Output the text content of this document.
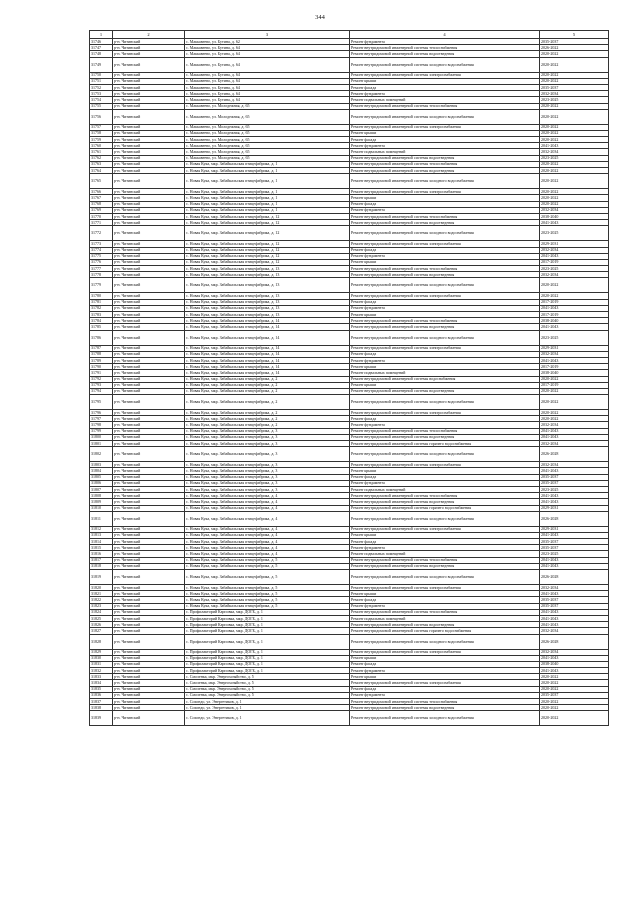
344
1	2	3	4	5
31746	р-н. Читинский	с. Маккавеево, ул. Бутина, д. 62	Ремонт фундамента	2035-2037
31747	р-н. Читинский	с. Маккавеево, ул. Бутина, д. 64	Ремонт внутридомовой инженерной системы теплоснабжения	2026-2022
31748	р-н. Читинский	с. Маккавеево, ул. Бутина, д. 64	Ремонт внутридомовой инженерной системы водоотведения	2020-2022
31749	р-н. Читинский	с. Маккавеево, ул. Бутина, д. 64	Ремонт внутридомовой инженерной системы холодного водоснабжения	2020-2022
31750	р-н. Читинский	с. Маккавеево, ул. Бутина, д. 64	Ремонт внутридомовой инженерной системы электроснабжения	2020-2022
31751	р-н. Читинский	с. Маккавеево, ул. Бутина, д. 64	Ремонт крыши	2020-2022
31752	р-н. Читинский	с. Маккавеево, ул. Бутина, д. 64	Ремонт фасада	2035-2037
31753	р-н. Читинский	с. Маккавеево, ул. Бутина, д. 64	Ремонт фундамента	2032-2034
31754	р-н. Читинский	с. Маккавеево, ул. Бутина, д. 64	Ремонт подвальных помещений	2023-2025
31755	р-н. Читинский	с. Маккавеево, ул. Молодежная, д. 65	Ремонт внутридомовой инженерной системы теплоснабжения	2020-2022
31756	р-н. Читинский	с. Маккавеево, ул. Молодежная, д. 65	Ремонт внутридомовой инженерной системы холодного водоснабжения	2020-2022
31757	р-н. Читинский	с. Маккавеево, ул. Молодежная, д. 65	Ремонт внутридомовой инженерной системы электроснабжения	2020-2022
31758	р-н. Читинский	с. Маккавеево, ул. Молодежная, д. 65	Ремонт крыши	2020-2022
31759	р-н. Читинский	с. Маккавеево, ул. Молодежная, д. 65	Ремонт фасада	2020-2022
31760	р-н. Читинский	с. Маккавеево, ул. Молодежная, д. 65	Ремонт фундамента	2041-2043
31761	р-н. Читинский	с. Маккавеево, ул. Молодежная, д. 65	Ремонт подвальных помещений	2032-2034
31762	р-н. Читинский	с. Маккавеево, ул. Молодежная, д. 65	Ремонт внутридомовой инженерной системы водоотведения	2023-2025
31763	р-н. Читинский	с. Новая Кука, мкр. Забайкальская птицефабрика, д. 1	Ремонт внутридомовой инженерной системы теплоснабжения	2020-2022
31764	р-н. Читинский	с. Новая Кука, мкр. Забайкальская птицефабрика, д. 1	Ремонт внутридомовой инженерной системы водоотведения	2020-2022
31765	р-н. Читинский	с. Новая Кука, мкр. Забайкальская птицефабрика, д. 1	Ремонт внутридомовой инженерной системы холодного водоснабжения	2020-2022
31766	р-н. Читинский	с. Новая Кука, мкр. Забайкальская птицефабрика, д. 1	Ремонт внутридомовой инженерной системы электроснабжения	2020-2022
31767	р-н. Читинский	с. Новая Кука, мкр. Забайкальская птицефабрика, д. 1	Ремонт крыши	2020-2022
31768	р-н. Читинский	с. Новая Кука, мкр. Забайкальская птицефабрика, д. 1	Ремонт фасада	2020-2022
31769	р-н. Читинский	с. Новая Кука, мкр. Забайкальская птицефабрика, д. 1	Ремонт фундамента	2032-2034
31770	р-н. Читинский	с. Новая Кука, мкр. Забайкальская птицефабрика, д. 12	Ремонт внутридомовой инженерной системы теплоснабжения	2038-2040
31771	р-н. Читинский	с. Новая Кука, мкр. Забайкальская птицефабрика, д. 12	Ремонт внутридомовой инженерной системы водоотведения	2041-2043
31772	р-н. Читинский	с. Новая Кука, мкр. Забайкальская птицефабрика, д. 12	Ремонт внутридомовой инженерной системы холодного водоснабжения	2023-2025
31773	р-н. Читинский	с. Новая Кука, мкр. Забайкальская птицефабрика, д. 12	Ремонт внутридомовой инженерной системы электроснабжения	2029-2031
31774	р-н. Читинский	с. Новая Кука, мкр. Забайкальская птицефабрика, д. 12	Ремонт фасада	2032-2034
31775	р-н. Читинский	с. Новая Кука, мкр. Забайкальская птицефабрика, д. 12	Ремонт фундамента	2041-2043
31776	р-н. Читинский	с. Новая Кука, мкр. Забайкальская птицефабрика, д. 12	Ремонт крыши	2017-2019
31777	р-н. Читинский	с. Новая Кука, мкр. Забайкальская птицефабрика, д. 13	Ремонт внутридомовой инженерной системы теплоснабжения	2023-2025
31778	р-н. Читинский	с. Новая Кука, мкр. Забайкальская птицефабрика, д. 13	Ремонт внутридомовой инженерной системы водоотведения	2032-2034
31779	р-н. Читинский	с. Новая Кука, мкр. Забайкальская птицефабрика, д. 13	Ремонт внутридомовой инженерной системы холодного водоснабжения	2020-2022
31780	р-н. Читинский	с. Новая Кука, мкр. Забайкальская птицефабрика, д. 13	Ремонт внутридомовой инженерной системы электроснабжения	2020-2022
31781	р-н. Читинский	с. Новая Кука, мкр. Забайкальская птицефабрика, д. 13	Ремонт фасада	2017-2019
31782	р-н. Читинский	с. Новая Кука, мкр. Забайкальская птицефабрика, д. 13	Ремонт фундамента	2041-2043
31783	р-н. Читинский	с. Новая Кука, мкр. Забайкальская птицефабрика, д. 13	Ремонт крыши	2017-2019
31784	р-н. Читинский	с. Новая Кука, мкр. Забайкальская птицефабрика, д. 14	Ремонт внутридомовой инженерной системы теплоснабжения	2038-2040
31785	р-н. Читинский	с. Новая Кука, мкр. Забайкальская птицефабрика, д. 14	Ремонт внутридомовой инженерной системы водоотведения	2041-2043
31786	р-н. Читинский	с. Новая Кука, мкр. Забайкальская птицефабрика, д. 14	Ремонт внутридомовой инженерной системы холодного водоснабжения	2023-2025
31787	р-н. Читинский	с. Новая Кука, мкр. Забайкальская птицефабрика, д. 14	Ремонт внутридомовой инженерной системы электроснабжения	2029-2031
31788	р-н. Читинский	с. Новая Кука, мкр. Забайкальская птицефабрика, д. 14	Ремонт фасада	2032-2034
31789	р-н. Читинский	с. Новая Кука, мкр. Забайкальская птицефабрика, д. 14	Ремонт фундамента	2041-2043
31790	р-н. Читинский	с. Новая Кука, мкр. Забайкальская птицефабрика, д. 14	Ремонт крыши	2017-2019
31791	р-н. Читинский	с. Новая Кука, мкр. Забайкальская птицефабрика, д. 14	Ремонт подвальных помещений	2038-2040
31792	р-н. Читинский	с. Новая Кука, мкр. Забайкальская птицефабрика, д. 2	Ремонт внутридомовой инженерной системы водоснабжения	2020-2022
31793	р-н. Читинский	с. Новая Кука, мкр. Забайкальская птицефабрика, д. 2	Ремонт крыши	2017-2019
31794	р-н. Читинский	с. Новая Кука, мкр. Забайкальская птицефабрика, д. 2	Ремонт внутридомовой инженерной системы водоотведения	2020-2022
31795	р-н. Читинский	с. Новая Кука, мкр. Забайкальская птицефабрика, д. 2	Ремонт внутридомовой инженерной системы холодного водоснабжения	2020-2022
31796	р-н. Читинский	с. Новая Кука, мкр. Забайкальская птицефабрика, д. 2	Ремонт внутридомовой инженерной системы электроснабжения	2020-2022
31797	р-н. Читинский	с. Новая Кука, мкр. Забайкальская птицефабрика, д. 2	Ремонт фасада	2020-2022
31798	р-н. Читинский	с. Новая Кука, мкр. Забайкальская птицефабрика, д. 2	Ремонт фундамента	2032-2034
31799	р-н. Читинский	с. Новая Кука, мкр. Забайкальская птицефабрика, д. 3	Ремонт внутридомовой инженерной системы теплоснабжения	2041-2043
31800	р-н. Читинский	с. Новая Кука, мкр. Забайкальская птицефабрика, д. 3	Ремонт внутридомовой инженерной системы водоотведения	2041-2043
31801	р-н. Читинский	с. Новая Кука, мкр. Забайкальская птицефабрика, д. 3	Ремонт внутридомовой инженерной системы горячего водоснабжения	2032-2034
31802	р-н. Читинский	с. Новая Кука, мкр. Забайкальская птицефабрика, д. 3	Ремонт внутридомовой инженерной системы холодного водоснабжения	2026-2028
31803	р-н. Читинский	с. Новая Кука, мкр. Забайкальская птицефабрика, д. 3	Ремонт внутридомовой инженерной системы электроснабжения	2032-2034
31804	р-н. Читинский	с. Новая Кука, мкр. Забайкальская птицефабрика, д. 3	Ремонт крыши	2041-2043
31805	р-н. Читинский	с. Новая Кука, мкр. Забайкальская птицефабрика, д. 3	Ремонт фасада	2035-2037
31806	р-н. Читинский	с. Новая Кука, мкр. Забайкальская птицефабрика, д. 3	Ремонт фундамента	2035-2037
31807	р-н. Читинский	с. Новая Кука, мкр. Забайкальская птицефабрика, д. 3	Ремонт подвальных помещений	2023-2025
31808	р-н. Читинский	с. Новая Кука, мкр. Забайкальская птицефабрика, д. 4	Ремонт внутридомовой инженерной системы теплоснабжения	2041-2043
31809	р-н. Читинский	с. Новая Кука, мкр. Забайкальская птицефабрика, д. 4	Ремонт внутридомовой инженерной системы водоотведения	2041-2043
31810	р-н. Читинский	с. Новая Кука, мкр. Забайкальская птицефабрика, д. 4	Ремонт внутридомовой инженерной системы горячего водоснабжения	2029-2031
31811	р-н. Читинский	с. Новая Кука, мкр. Забайкальская птицефабрика, д. 4	Ремонт внутридомовой инженерной системы холодного водоснабжения	2026-2028
31812	р-н. Читинский	с. Новая Кука, мкр. Забайкальская птицефабрика, д. 4	Ремонт внутридомовой инженерной системы электроснабжения	2029-2031
31813	р-н. Читинский	с. Новая Кука, мкр. Забайкальская птицефабрика, д. 4	Ремонт крыши	2041-2043
31814	р-н. Читинский	с. Новая Кука, мкр. Забайкальская птицефабрика, д. 4	Ремонт фасада	2035-2037
31815	р-н. Читинский	с. Новая Кука, мкр. Забайкальская птицефабрика, д. 4	Ремонт фундамента	2035-2037
31816	р-н. Читинский	с. Новая Кука, мкр. Забайкальская птицефабрика, д. 4	Ремонт подвальных помещений	2023-2025
31817	р-н. Читинский	с. Новая Кука, мкр. Забайкальская птицефабрика, д. 5	Ремонт внутридомовой инженерной системы теплоснабжения	2041-2043
31818	р-н. Читинский	с. Новая Кука, мкр. Забайкальская птицефабрика, д. 5	Ремонт внутридомовой инженерной системы водоотведения	2041-2043
31819	р-н. Читинский	с. Новая Кука, мкр. Забайкальская птицефабрика, д. 5	Ремонт внутридомовой инженерной системы холодного водоснабжения	2026-2028
31820	р-н. Читинский	с. Новая Кука, мкр. Забайкальская птицефабрика, д. 5	Ремонт внутридомовой инженерной системы электроснабжения	2032-2034
31821	р-н. Читинский	с. Новая Кука, мкр. Забайкальская птицефабрика, д. 5	Ремонт крыши	2041-2043
31822	р-н. Читинский	с. Новая Кука, мкр. Забайкальская птицефабрика, д. 5	Ремонт фасада	2035-2037
31823	р-н. Читинский	с. Новая Кука, мкр. Забайкальская птицефабрика, д. 5	Ремонт фундамента	2035-2037
31824	р-н. Читинский	с. Профилакторий Карповка, мкр. ДОГБ, д. 1	Ремонт внутридомовой инженерной системы теплоснабжения	2041-2043
31825	р-н. Читинский	с. Профилакторий Карповка, мкр. ДОГБ, д. 1	Ремонт подвальных помещений	2041-2043
31826	р-н. Читинский	с. Профилакторий Карповка, мкр. ДОГБ, д. 1	Ремонт внутридомовой инженерной системы водоотведения	2041-2043
31827	р-н. Читинский	с. Профилакторий Карповка, мкр. ДОГБ, д. 1	Ремонт внутридомовой инженерной системы горячего водоснабжения	2032-2034
31828	р-н. Читинский	с. Профилакторий Карповка, мкр. ДОГБ, д. 1	Ремонт внутридомовой инженерной системы холодного водоснабжения	2026-2028
31829	р-н. Читинский	с. Профилакторий Карповка, мкр. ДОГБ, д. 1	Ремонт внутридомовой инженерной системы электроснабжения	2032-2034
31830	р-н. Читинский	с. Профилакторий Карповка, мкр. ДОГБ, д. 1	Ремонт крыши	2041-2043
31831	р-н. Читинский	с. Профилакторий Карповка, мкр. ДОГБ, д. 1	Ремонт фасада	2038-2040
31832	р-н. Читинский	с. Профилакторий Карповка, мкр. ДОГБ, д. 1	Ремонт фундамента	2041-2043
31833	р-н. Читинский	с. Смоленка, мкр. Энергохозяйство, д. 5	Ремонт крыши	2020-2022
31834	р-н. Читинский	с. Смоленка, мкр. Энергохозяйство, д. 5	Ремонт внутридомовой инженерной системы электроснабжения	2020-2022
31835	р-н. Читинский	с. Смоленка, мкр. Энергохозяйство, д. 5	Ремонт фасада	2020-2022
31836	р-н. Читинский	с. Смоленка, мкр. Энергохозяйство, д. 5	Ремонт фундамента	2035-2037
31837	р-н. Читинский	с. Сохондо, ул. Энергетиков, д. 1	Ремонт внутридомовой инженерной системы теплоснабжения	2020-2022
31838	р-н. Читинский	с. Сохондо, ул. Энергетиков, д. 1	Ремонт внутридомовой инженерной системы водоотведения	2020-2022
31839	р-н. Читинский	с. Сохондо, ул. Энергетиков, д. 1	Ремонт внутридомовой инженерной системы холодного водоснабжения	2020-2022
